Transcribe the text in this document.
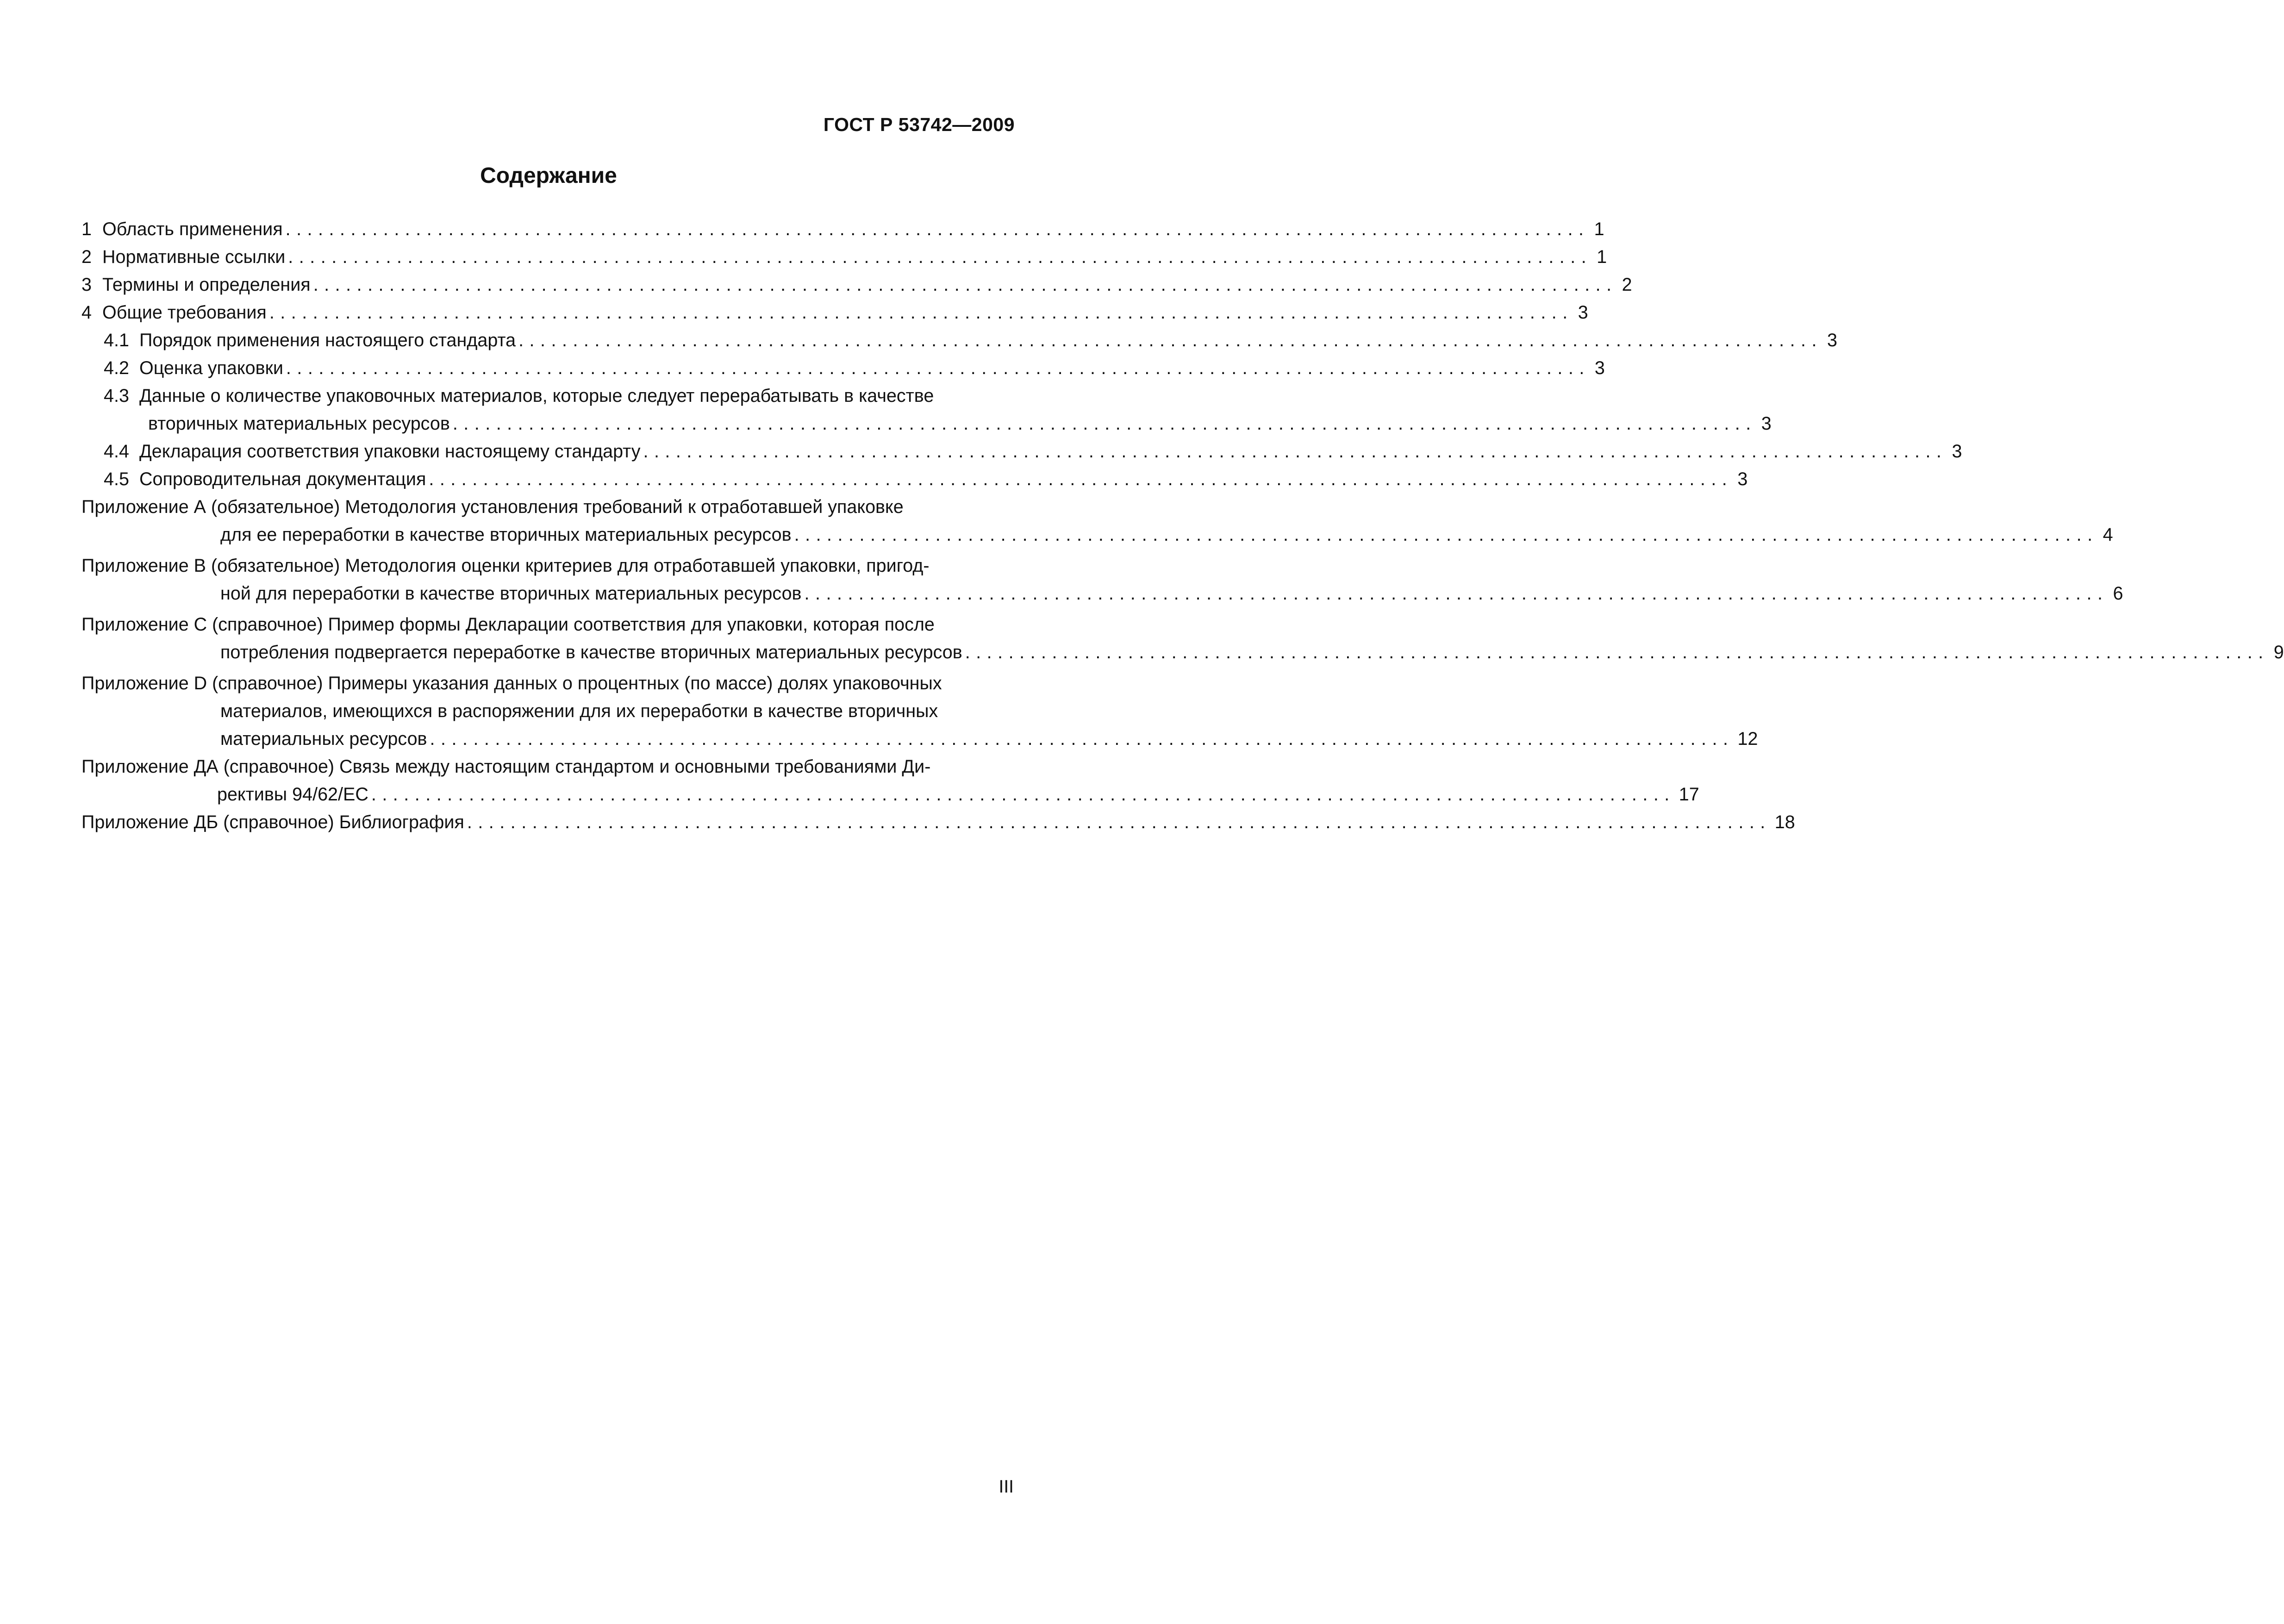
ГОСТ Р 53742—2009
Содержание
1 Область применения ........................................................................................................................ 1
2 Нормативные ссылки ........................................................................................................................ 1
3 Термины и определения ........................................................................................................................ 2
4 Общие требования ........................................................................................................................ 3
4.1 Порядок применения настоящего стандарта ........................................................................................................................ 3
4.2 Оценка упаковки ........................................................................................................................ 3
4.3 Данные о количестве упаковочных материалов, которые следует перерабатывать в качестве
вторичных материальных ресурсов ........................................................................................................................ 3
4.4 Декларация соответствия упаковки настоящему стандарту ........................................................................................................................ 3
4.5 Сопроводительная документация ........................................................................................................................ 3
Приложение А (обязательное) Методология установления требований к отработавшей упаковке
для ее переработки в качестве вторичных материальных ресурсов ........................................................................................................................ 4
Приложение В (обязательное) Методология оценки критериев для отработавшей упаковки, пригод-
ной для переработки в качестве вторичных материальных ресурсов ........................................................................................................................ 6
Приложение С (справочное) Пример формы Декларации соответствия для упаковки, которая после
потребления подвергается переработке в качестве вторичных материальных ресурсов ........................................................................................................................ 9
Приложение D (справочное) Примеры указания данных о процентных (по массе) долях упаковочных
материалов, имеющихся в распоряжении для их переработки в качестве вторичных
материальных ресурсов ........................................................................................................................ 12
Приложение ДА (справочное) Связь между настоящим стандартом и основными требованиями Ди-
рективы 94/62/ЕС ........................................................................................................................ 17
Приложение ДБ (справочное) Библиография ........................................................................................................................ 18
III
